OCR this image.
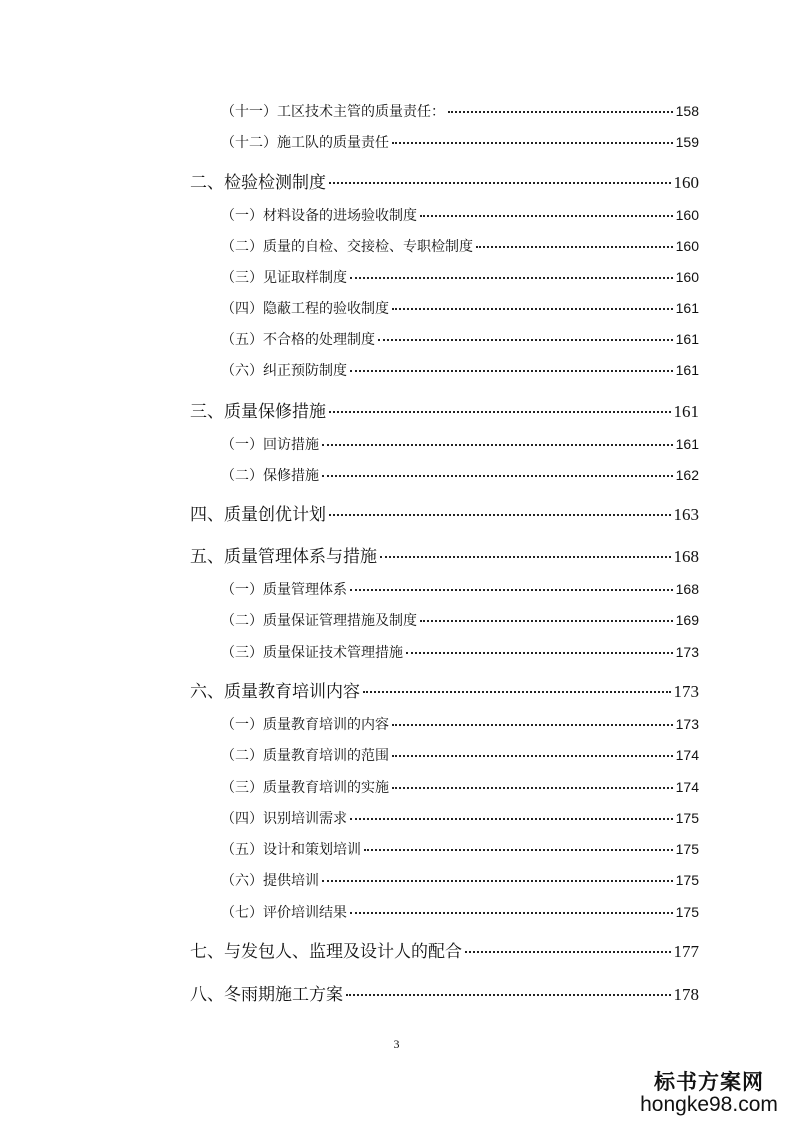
（十一）工区技术主管的质量责任：	158
（十二）施工队的质量责任	159
二、检验检测制度	160
（一）材料设备的进场验收制度	160
（二）质量的自检、交接检、专职检制度	160
（三）见证取样制度	160
（四）隐蔽工程的验收制度	161
（五）不合格的处理制度	161
（六）纠正预防制度	161
三、质量保修措施	161
（一）回访措施	161
（二）保修措施	162
四、质量创优计划	163
五、质量管理体系与措施	168
（一）质量管理体系	168
（二）质量保证管理措施及制度	169
（三）质量保证技术管理措施	173
六、质量教育培训内容	173
（一）质量教育培训的内容	173
（二）质量教育培训的范围	174
（三）质量教育培训的实施	174
（四）识别培训需求	175
（五）设计和策划培训	175
（六）提供培训	175
（七）评价培训结果	175
七、与发包人、监理及设计人的配合	177
八、冬雨期施工方案	178
3
标书方案网
hongke98.com
